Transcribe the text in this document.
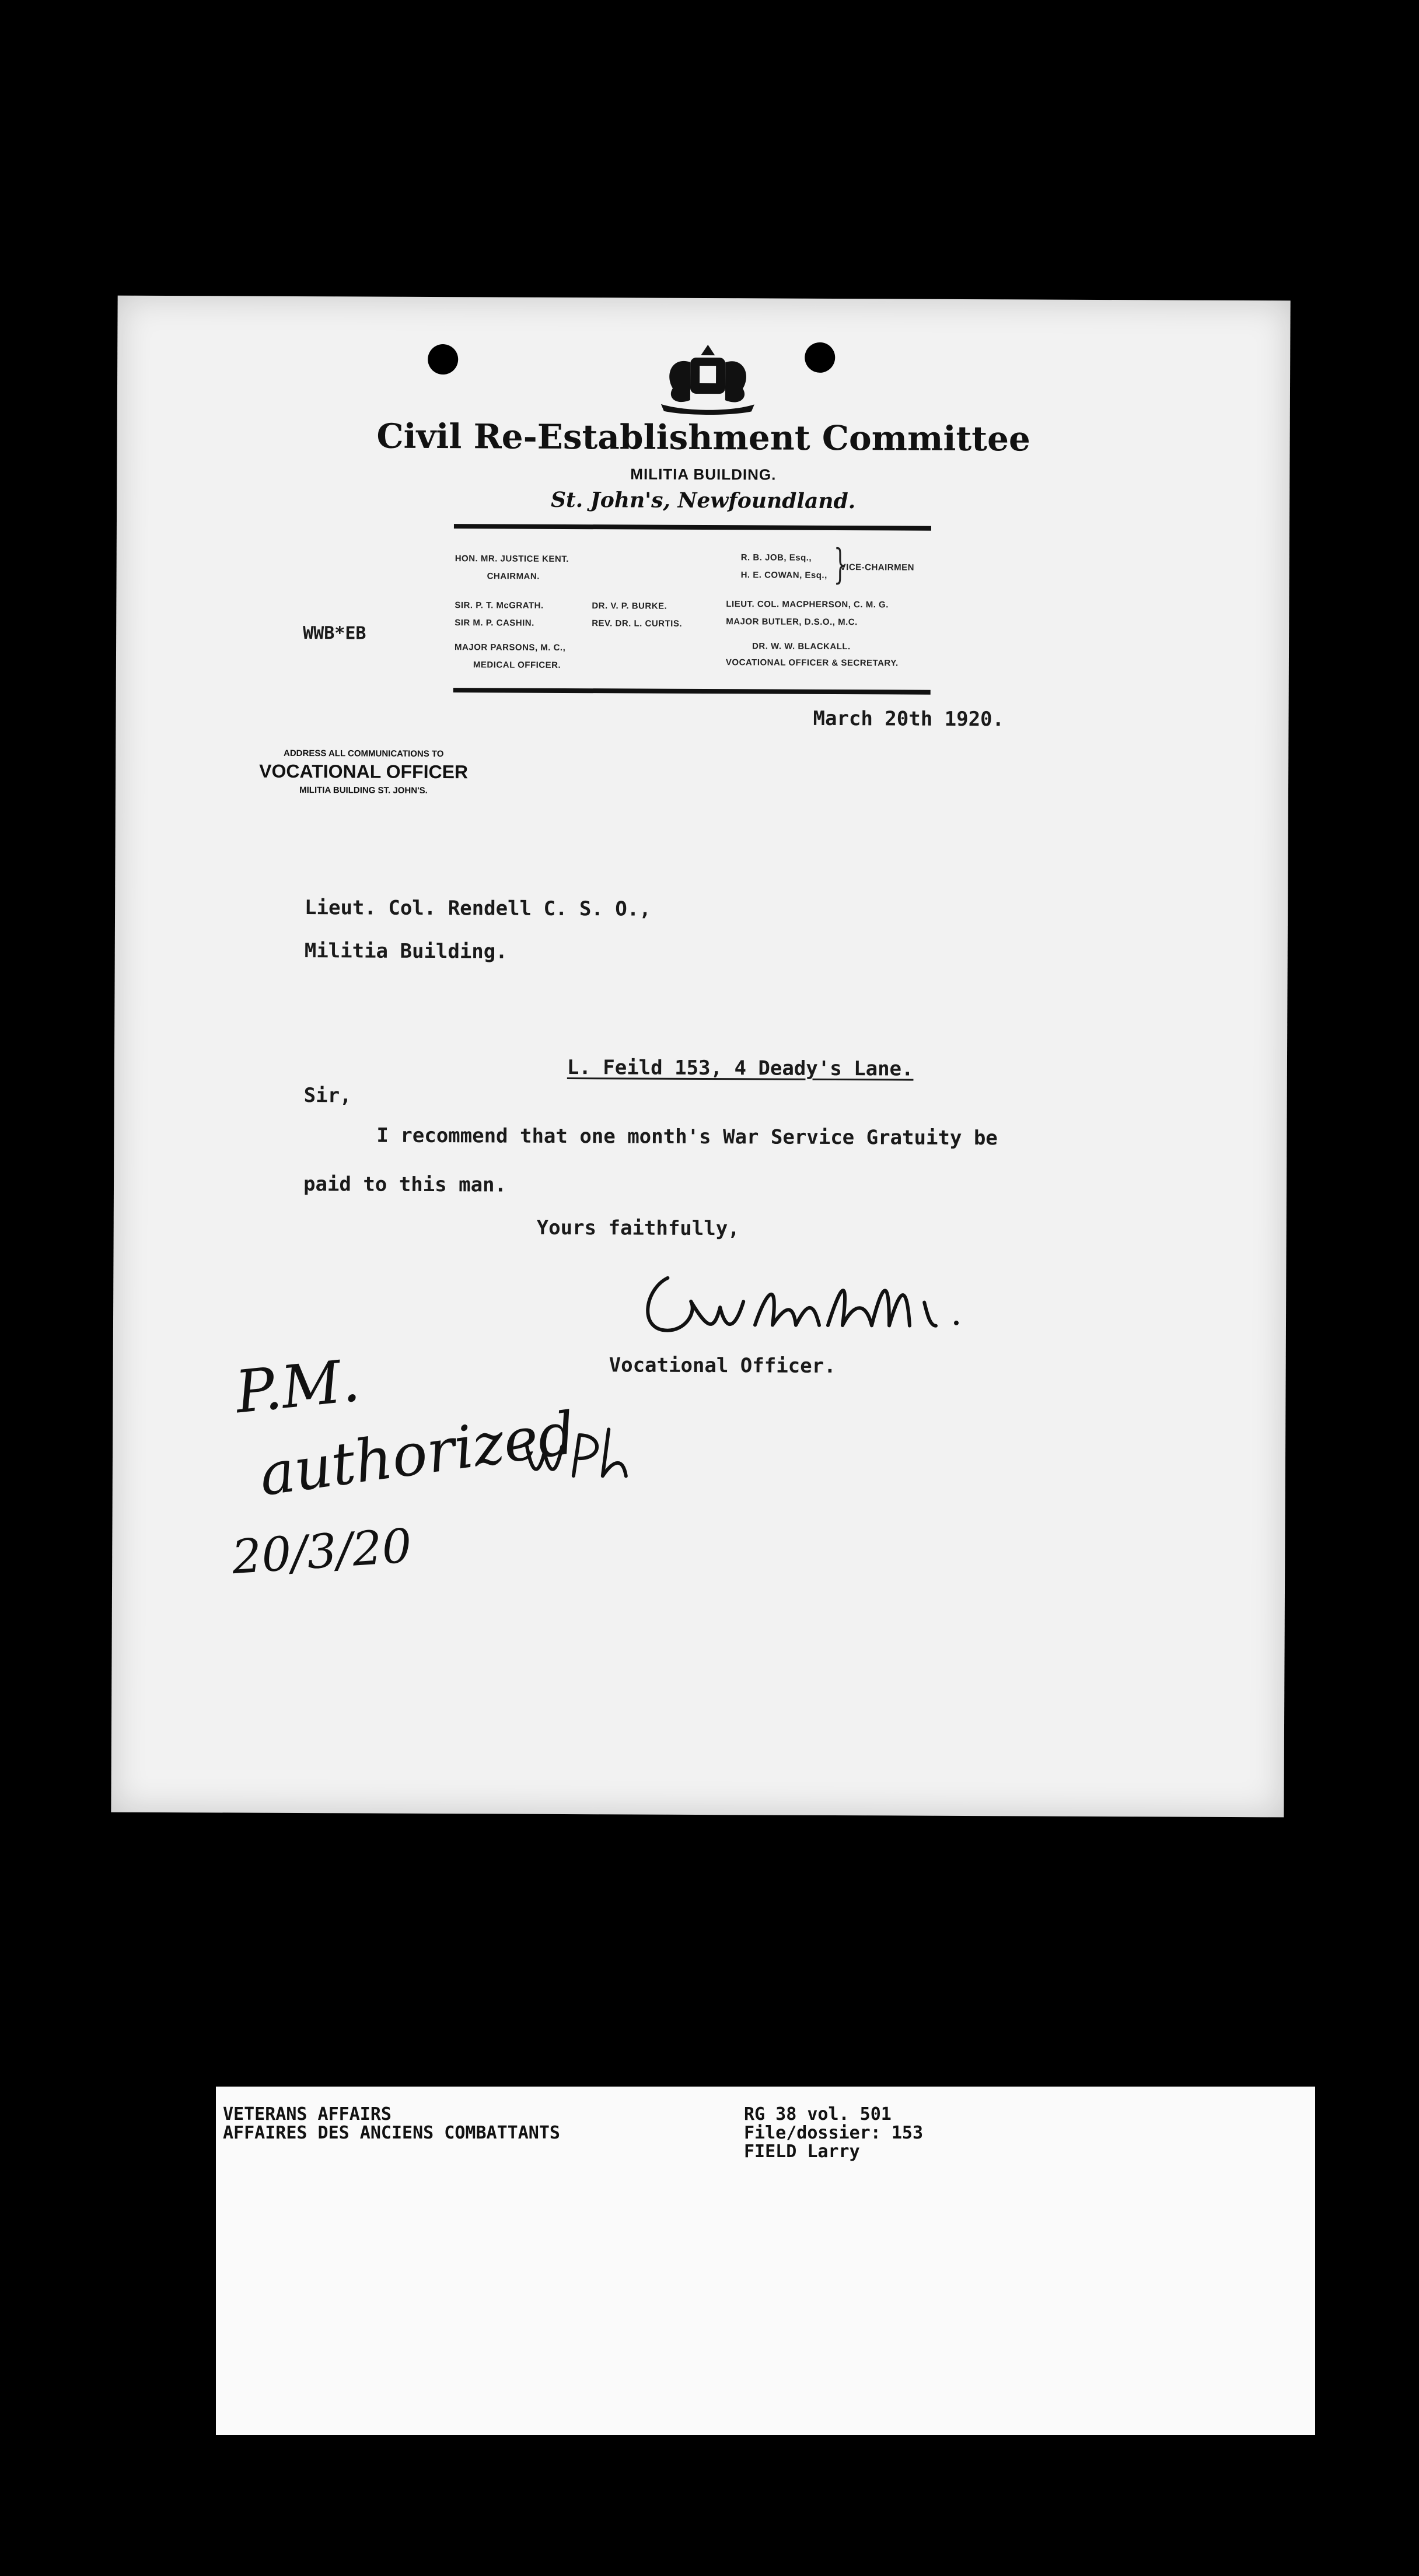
Civil Re-Establishment Committee
MILITIA BUILDING.
St. John's, Newfoundland.
HON. MR. JUSTICE KENT.
CHAIRMAN.
R. B. JOB, Esq.,
H. E. COWAN, Esq., }
VICE-CHAIRMEN
SIR. P. T. McGRATH.	DR. V. P. BURKE.	LIEUT. COL. MACPHERSON, C. M. G.
SIR M. P. CASHIN.	REV. DR. L. CURTIS.	MAJOR BUTLER, D.S.O., M.C.
MAJOR PARSONS, M. C.,
MEDICAL OFFICER.
DR. W. W. BLACKALL.
VOCATIONAL OFFICER & SECRETARY.
WWB*EB
March 20th 1920.
ADDRESS ALL COMMUNICATIONS TO
VOCATIONAL OFFICER
MILITIA BUILDING ST. JOHN'S.
Lieut. Col. Rendell C. S. O.,
Militia Building.
L. Feild 153, 4 Deady's Lane.
Sir,
I recommend that one month's War Service Gratuity be
paid to this man.
Yours faithfully,
Vocational Officer.
P.M.
authorized
20/3/20
VETERANS AFFAIRS
AFFAIRES DES ANCIENS COMBATTANTS
RG 38 vol. 501
File/dossier: 153
FIELD Larry
